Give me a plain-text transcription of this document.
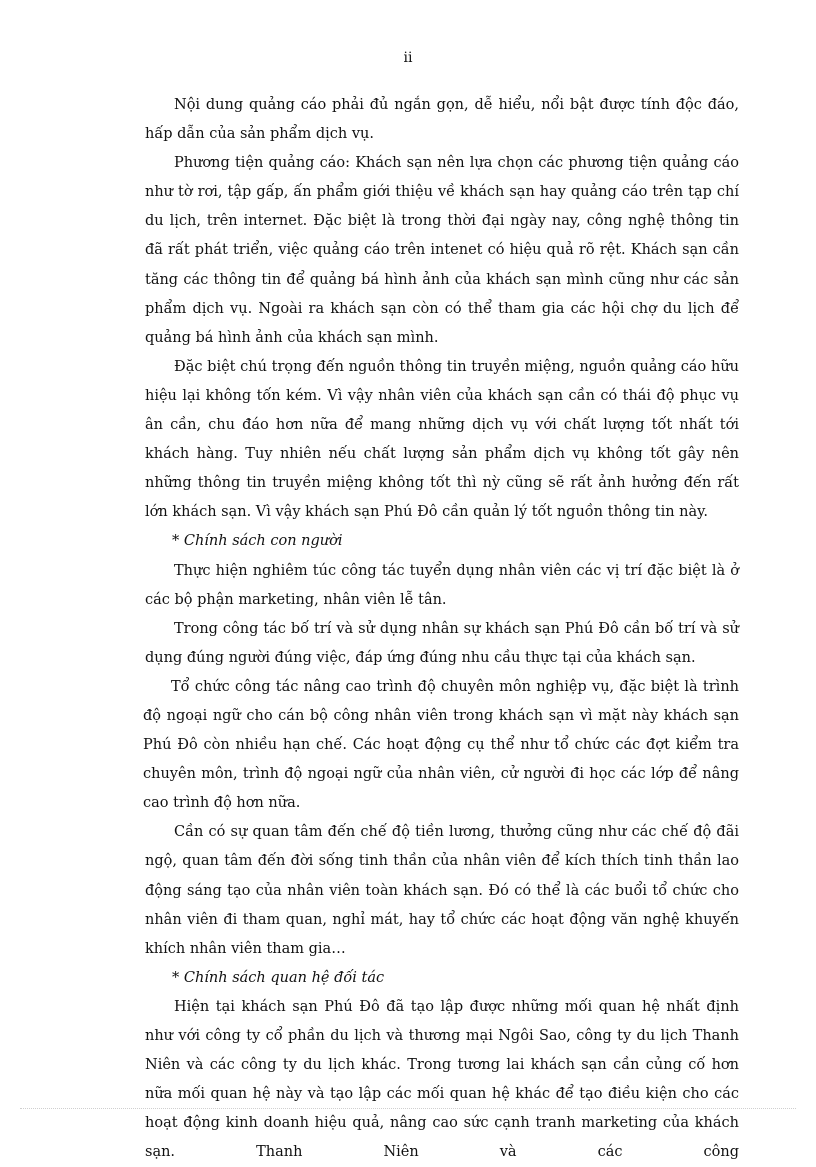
ii

Nội dung quảng cáo phải đủ ngắn gọn, dễ hiểu, nổi bật được tính độc đáo, hấp dẫn của sản phẩm dịch vụ.

Phương tiện quảng cáo: Khách sạn nên lựa chọn các phương tiện quảng cáo như tờ rơi, tập gấp, ấn phẩm giới thiệu về khách sạn hay quảng cáo trên tạp chí du lịch, trên internet. Đặc biệt là trong thời đại ngày nay, công nghệ thông tin đã rất phát triển, việc quảng cáo trên intenet có hiệu quả rõ rệt. Khách sạn cần tăng các thông tin để quảng bá hình ảnh của khách sạn mình cũng như các sản phẩm dịch vụ. Ngoài ra khách sạn còn có thể tham gia các hội chợ du lịch để quảng bá hình ảnh của khách sạn mình.

Đặc biệt chú trọng đến nguồn thông tin truyền miệng, nguồn quảng cáo hữu hiệu lại không tốn kém. Vì vậy nhân viên của khách sạn cần có thái độ phục vụ ân cần, chu đáo hơn nữa để mang những dịch vụ với chất lượng tốt nhất tới khách hàng. Tuy nhiên nếu chất lượng sản phẩm dịch vụ không tốt gây nên những thông tin truyền miệng không tốt thì nỳ cũng sẽ rất ảnh hưởng đến rất lớn khách sạn. Vì vậy khách sạn Phú Đô cần quản lý tốt nguồn thông tin này.

* Chính sách con người

Thực hiện nghiêm túc công tác tuyển dụng nhân viên các vị trí đặc biệt là ở các bộ phận marketing, nhân viên lễ tân.

Trong công tác bố trí và sử dụng nhân sự khách sạn Phú Đô cần bố trí và sử dụng đúng người đúng việc, đáp ứng đúng nhu cầu thực tại của khách sạn.

Tổ chức công tác nâng cao trình độ chuyên môn nghiệp vụ, đặc biệt là trình độ ngoại ngữ cho cán bộ công nhân viên trong khách sạn vì mặt này khách sạn Phú Đô còn nhiều hạn chế. Các hoạt động cụ thể như tổ chức các đợt kiểm tra chuyên môn, trình độ ngoại ngữ của nhân viên, cử người đi học các lớp để nâng cao trình độ hơn nữa.

Cần có sự quan tâm đến chế độ tiền lương, thưởng cũng như các chế độ đãi ngộ, quan tâm đến đời sống tinh thần của nhân viên để kích thích tinh thần lao động sáng tạo của nhân viên toàn khách sạn. Đó có thể là các buổi tổ chức cho nhân viên đi tham quan, nghỉ mát, hay tổ chức các hoạt động văn nghệ khuyến khích nhân viên tham gia…

* Chính sách quan hệ đối tác

Hiện tại khách sạn Phú Đô đã tạo lập được những mối quan hệ nhất định như với công ty cổ phần du lịch và thương mại Ngôi Sao, công ty du lịch Thanh Niên và các công ty du lịch khác. Trong tương lai khách sạn cần củng cố hơn nữa mối quan hệ này và tạo lập các mối quan hệ khác để tạo điều kiện cho các hoạt động kinh doanh hiệu quả, nâng cao sức cạnh tranh marketing của khách sạn. Thanh Niên và các công
